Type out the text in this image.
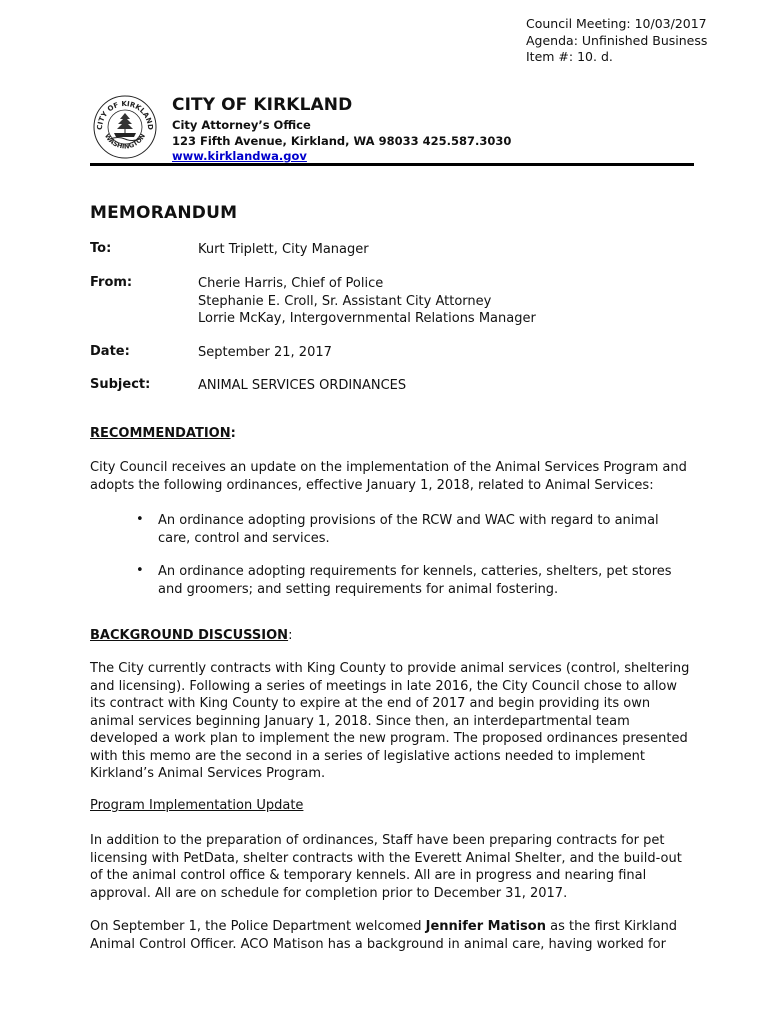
Council Meeting: 10/03/2017
Agenda: Unfinished Business
Item #: 10. d.
CITY OF KIRKLAND
WASHINGTON
CITY OF KIRKLAND
City Attorney’s Office
123 Fifth Avenue, Kirkland, WA 98033 425.587.3030
www.kirklandwa.gov
MEMORANDUM
To:	Kurt Triplett, City Manager
From:	Cherie Harris, Chief of Police
Stephanie E. Croll, Sr. Assistant City Attorney
Lorrie McKay, Intergovernmental Relations Manager
Date:	September 21, 2017
Subject:	ANIMAL SERVICES ORDINANCES
RECOMMENDATION:
City Council receives an update on the implementation of the Animal Services Program and adopts the following ordinances, effective January 1, 2018, related to Animal Services:
• An ordinance adopting provisions of the RCW and WAC with regard to animal care, control and services.
• An ordinance adopting requirements for kennels, catteries, shelters, pet stores and groomers; and setting requirements for animal fostering.
BACKGROUND DISCUSSION:
The City currently contracts with King County to provide animal services (control, sheltering and licensing). Following a series of meetings in late 2016, the City Council chose to allow its contract with King County to expire at the end of 2017 and begin providing its own animal services beginning January 1, 2018. Since then, an interdepartmental team developed a work plan to implement the new program. The proposed ordinances presented with this memo are the second in a series of legislative actions needed to implement Kirkland’s Animal Services Program.
Program Implementation Update
In addition to the preparation of ordinances, Staff have been preparing contracts for pet licensing with PetData, shelter contracts with the Everett Animal Shelter, and the build-out of the animal control office & temporary kennels. All are in progress and nearing final approval. All are on schedule for completion prior to December 31, 2017.
On September 1, the Police Department welcomed Jennifer Matison as the first Kirkland Animal Control Officer. ACO Matison has a background in animal care, having worked for
